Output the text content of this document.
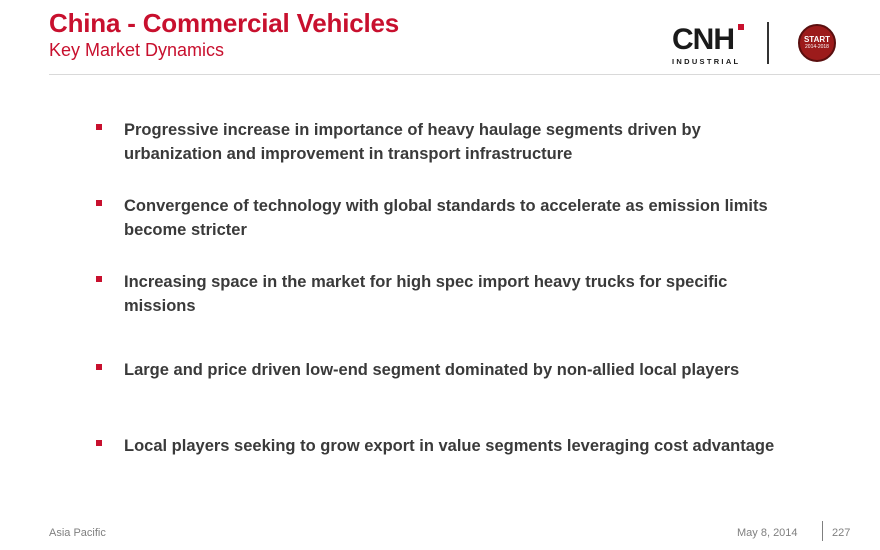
China - Commercial Vehicles
Key Market Dynamics	CNH
INDUSTRIAL
START
2014-2018
Progressive increase in importance of heavy haulage segments driven by urbanization and improvement in transport infrastructure
Convergence of technology with global standards to accelerate as emission limits become stricter
Increasing space in the market for high spec import heavy trucks for specific missions
Large and price driven low-end segment dominated by non-allied local players
Local players seeking to grow export in value segments leveraging cost advantage
Asia Pacific	May 8, 2014	227
